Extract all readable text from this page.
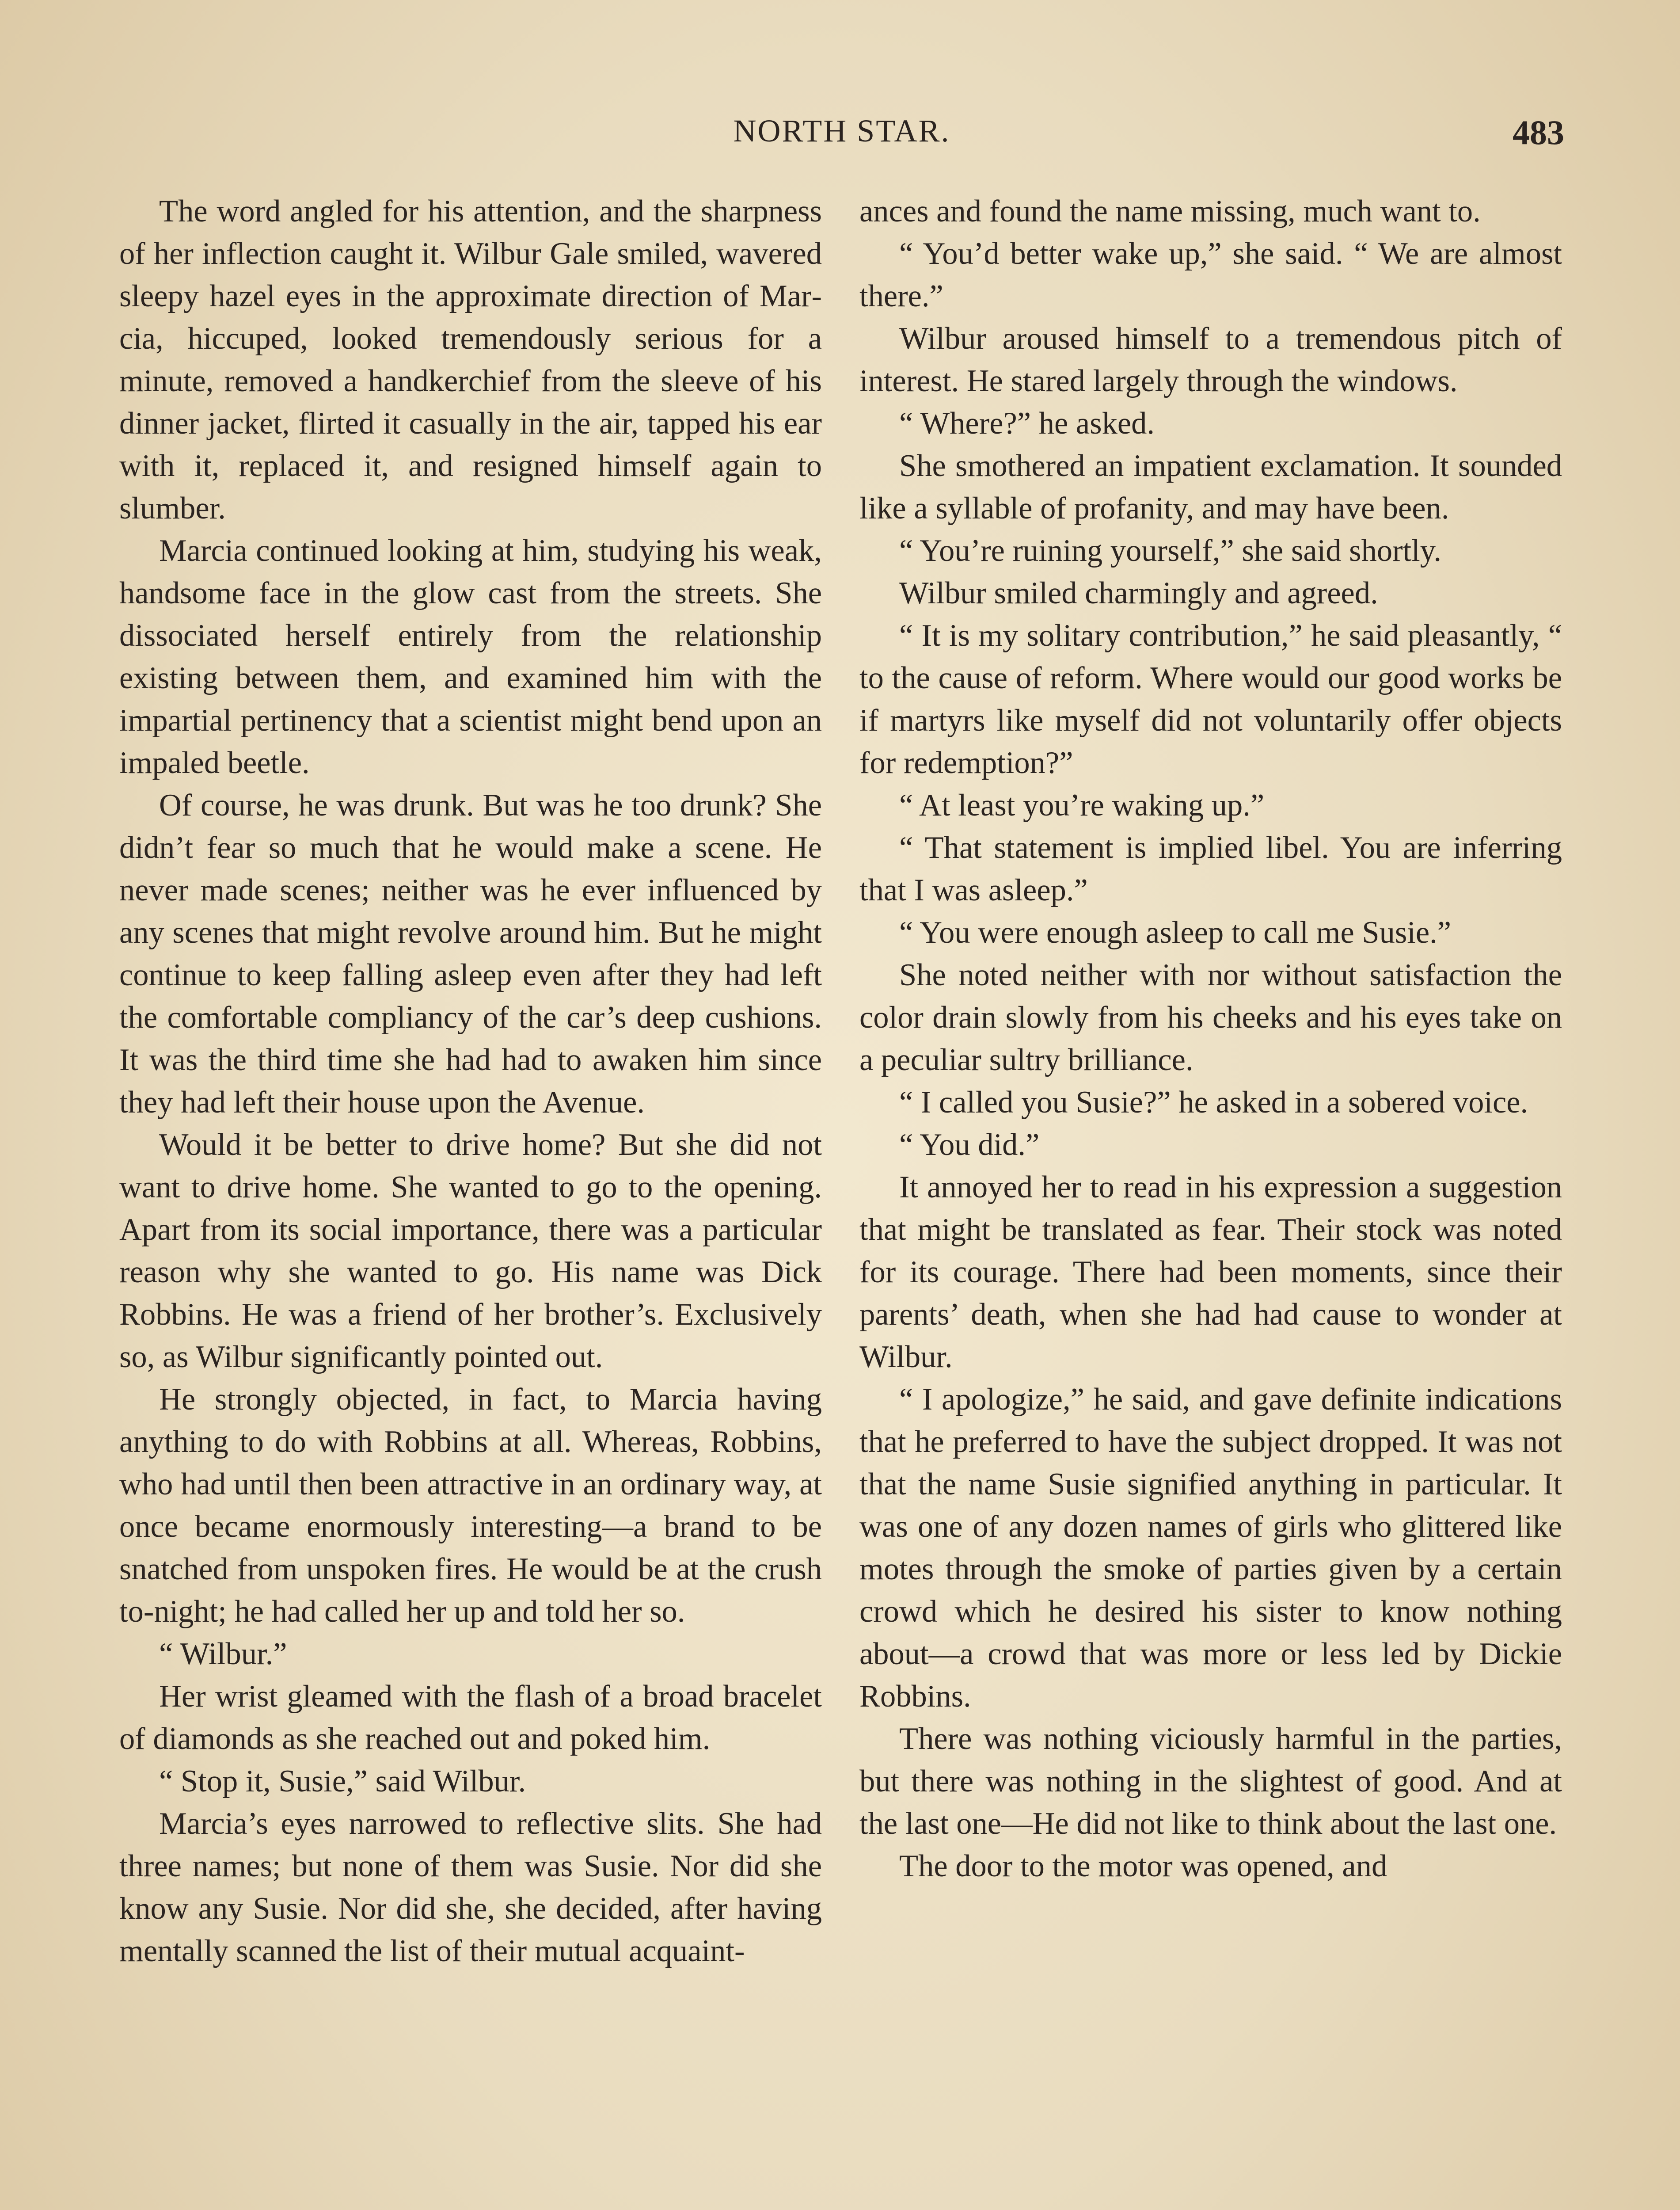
NORTH STAR.	483

The word angled for his attention, and the sharpness of her inflection caught it. Wilbur Gale smiled, wavered sleepy hazel eyes in the approximate direction of Marcia, hiccuped, looked tremendously serious for a minute, removed a handkerchief from the sleeve of his dinner jacket, flirted it casually in the air, tapped his ear with it, replaced it, and resigned himself again to slumber.

Marcia continued looking at him, studying his weak, handsome face in the glow cast from the streets. She dissociated herself entirely from the relationship existing between them, and examined him with the impartial pertinency that a scientist might bend upon an impaled beetle.

Of course, he was drunk. But was he too drunk? She didn’t fear so much that he would make a scene. He never made scenes; neither was he ever influenced by any scenes that might revolve around him. But he might continue to keep falling asleep even after they had left the comfortable compliancy of the car’s deep cushions. It was the third time she had had to awaken him since they had left their house upon the Avenue.

Would it be better to drive home? But she did not want to drive home. She wanted to go to the opening. Apart from its social importance, there was a particular reason why she wanted to go. His name was Dick Robbins. He was a friend of her brother’s. Exclusively so, as Wilbur significantly pointed out.

He strongly objected, in fact, to Marcia having anything to do with Robbins at all. Whereas, Robbins, who had until then been attractive in an ordinary way, at once became enormously interesting—a brand to be snatched from unspoken fires. He would be at the crush to-night; he had called her up and told her so.

“ Wilbur.”

Her wrist gleamed with the flash of a broad bracelet of diamonds as she reached out and poked him.

“ Stop it, Susie,” said Wilbur.

Marcia’s eyes narrowed to reflective slits. She had three names; but none of them was Susie. Nor did she know any Susie. Nor did she, she decided, after having mentally scanned the list of their mutual acquaint-

ances and found the name missing, much want to.

“ You’d better wake up,” she said. “ We are almost there.”

Wilbur aroused himself to a tremendous pitch of interest. He stared largely through the windows.

“ Where?” he asked.

She smothered an impatient exclamation. It sounded like a syllable of profanity, and may have been.

“ You’re ruining yourself,” she said shortly.

Wilbur smiled charmingly and agreed.

“ It is my solitary contribution,” he said pleasantly, “ to the cause of reform. Where would our good works be if martyrs like myself did not voluntarily offer objects for redemption?”

“ At least you’re waking up.”

“ That statement is implied libel. You are inferring that I was asleep.”

“ You were enough asleep to call me Susie.”

She noted neither with nor without satisfaction the color drain slowly from his cheeks and his eyes take on a peculiar sultry brilliance.

“ I called you Susie?” he asked in a sobered voice.

“ You did.”

It annoyed her to read in his expression a suggestion that might be translated as fear. Their stock was noted for its courage. There had been moments, since their parents’ death, when she had had cause to wonder at Wilbur.

“ I apologize,” he said, and gave definite indications that he preferred to have the subject dropped. It was not that the name Susie signified anything in particular. It was one of any dozen names of girls who glittered like motes through the smoke of parties given by a certain crowd which he desired his sister to know nothing about—a crowd that was more or less led by Dickie Robbins.

There was nothing viciously harmful in the parties, but there was nothing in the slightest of good. And at the last one—He did not like to think about the last one.

The door to the motor was opened, and
